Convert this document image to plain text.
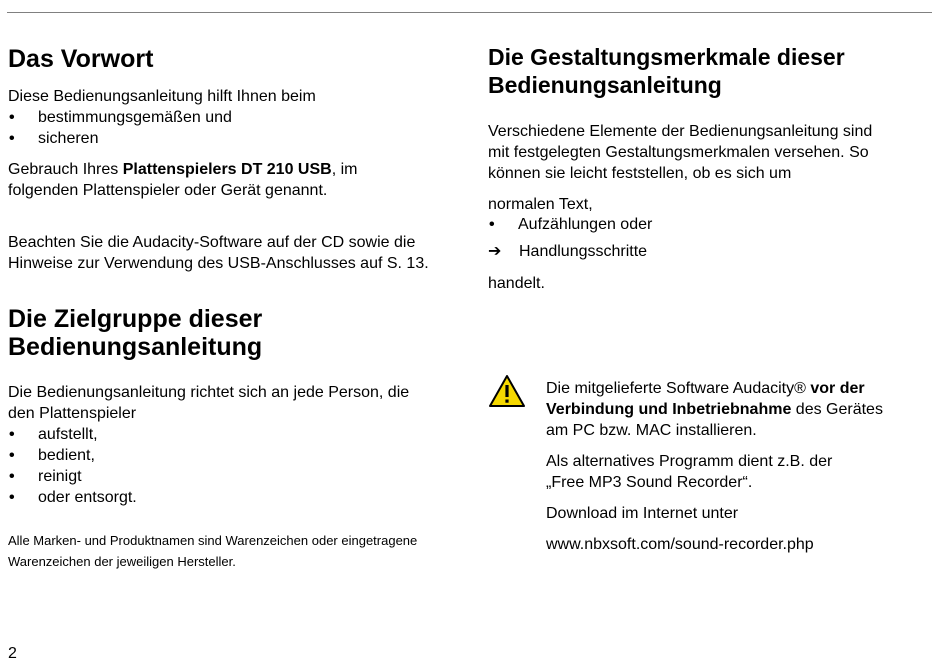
Das Vorwort

Diese Bedienungsanleitung hilft Ihnen beim

• bestimmungsgemäßen und
• sicheren

Gebrauch Ihres Plattenspielers DT 210 USB, im
folgenden Plattenspieler oder Gerät genannt.

Beachten Sie die Audacity-Software auf der CD sowie die
Hinweise zur Verwendung des USB-Anschlusses auf S. 13.

Die Zielgruppe dieser
Bedienungsanleitung

Die Bedienungsanleitung richtet sich an jede Person, die
den Plattenspieler

• aufstellt,
• bedient,
• reinigt
• oder entsorgt.

Alle Marken- und Produktnamen sind Warenzeichen oder eingetragene
Warenzeichen der jeweiligen Hersteller.

Die Gestaltungsmerkmale dieser
Bedienungsanleitung

Verschiedene Elemente der Bedienungsanleitung sind
mit festgelegten Gestaltungsmerkmalen versehen. So
können sie leicht feststellen, ob es sich um

normalen Text,

• Aufzählungen oder
➔ Handlungsschritte

handelt.

Die mitgelieferte Software Audacity® vor der
Verbindung und Inbetriebnahme des Gerätes
am PC bzw. MAC installieren.

Als alternatives Programm dient z.B. der
„Free MP3 Sound Recorder“.

Download im Internet unter

www.nbxsoft.com/sound-recorder.php

2
